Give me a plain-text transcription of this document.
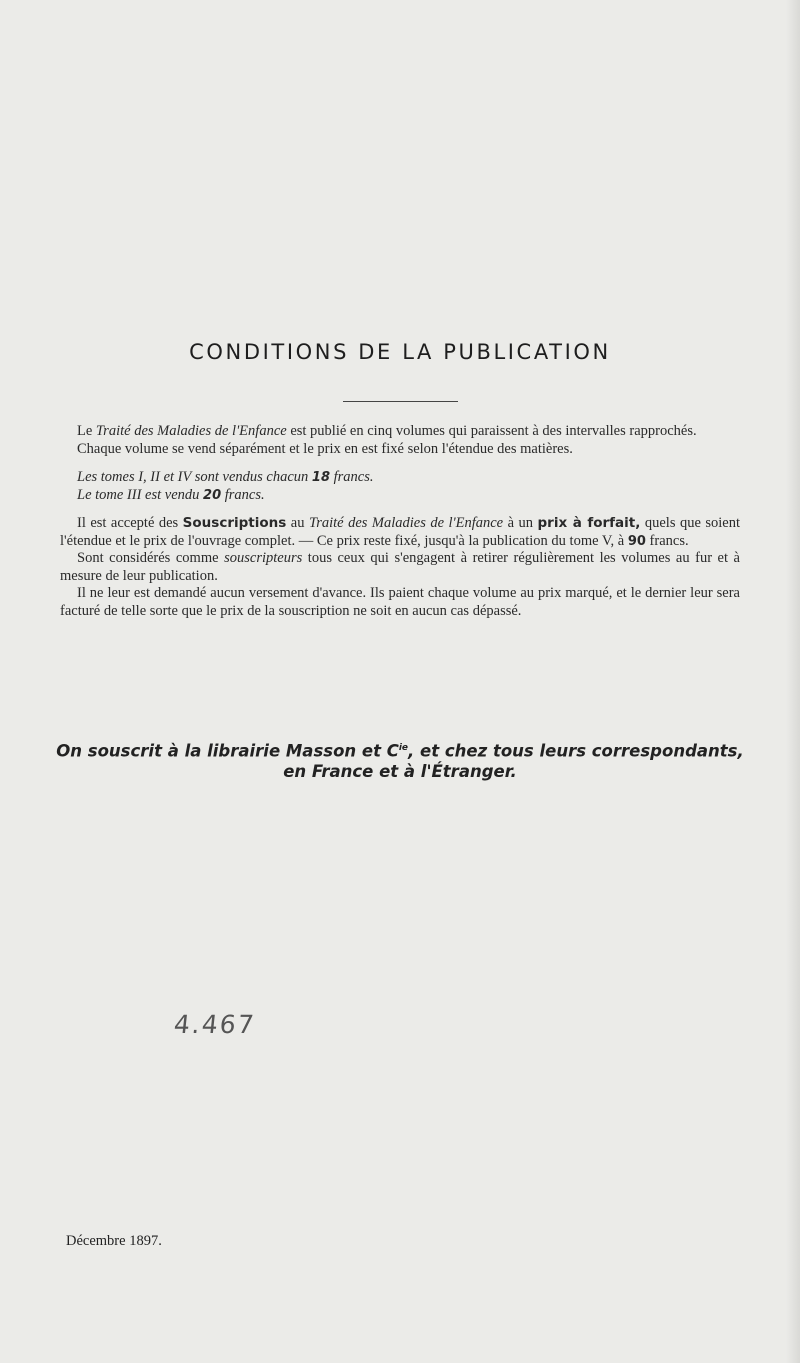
CONDITIONS DE LA PUBLICATION

Le Traité des Maladies de l'Enfance est publié en cinq volumes qui paraissent à des intervalles rapprochés.

Chaque volume se vend séparément et le prix en est fixé selon l'étendue des matières.

Les tomes I, II et IV sont vendus chacun 18 francs.

Le tome III est vendu 20 francs.

Il est accepté des Souscriptions au Traité des Maladies de l'Enfance à un prix à forfait, quels que soient l'étendue et le prix de l'ouvrage complet. — Ce prix reste fixé, jusqu'à la publication du tome V, à 90 francs.

Sont considérés comme souscripteurs tous ceux qui s'engagent à retirer régulièrement les volumes au fur et à mesure de leur publication.

Il ne leur est demandé aucun versement d'avance. Ils paient chaque volume au prix marqué, et le dernier leur sera facturé de telle sorte que le prix de la souscription ne soit en aucun cas dépassé.

On souscrit à la librairie Masson et $C^{ie}$, et chez tous leurs correspondants,
en France et à l'Étranger.
4.467
Décembre 1897.
